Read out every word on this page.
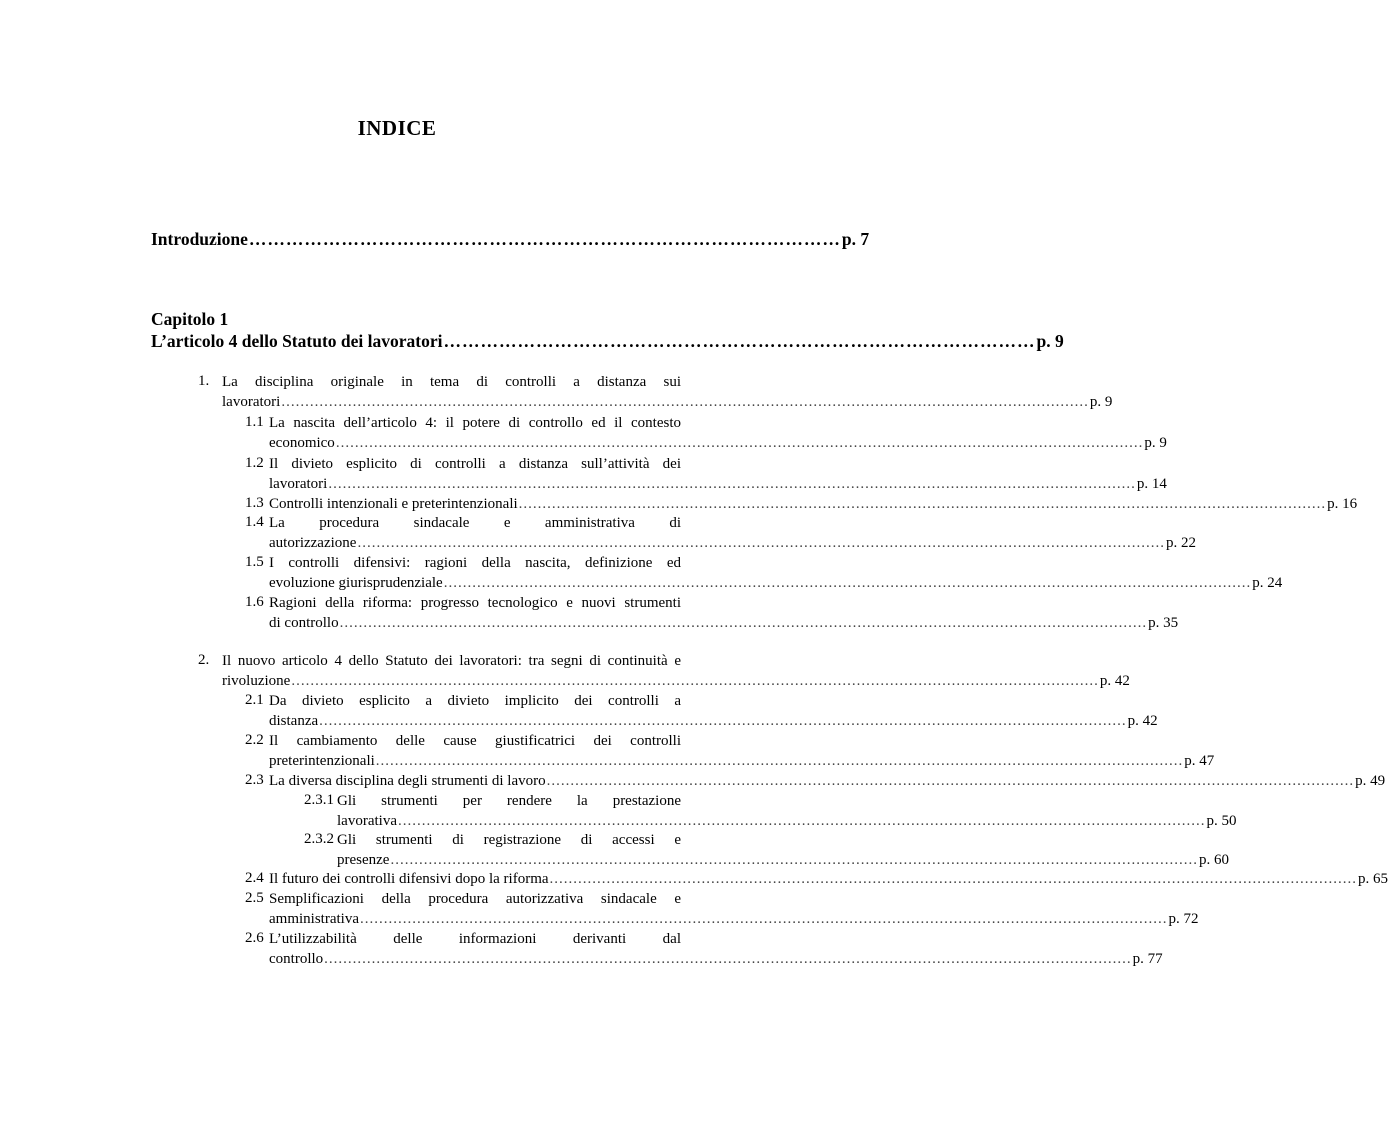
INDICE
Introduzione …………………………………………………………………………………… p. 7
Capitolo 1
L’articolo 4 dello Statuto dei lavoratori …………………………………………………………………………………… p. 9
1. La disciplina originale in tema di controlli a distanza sui
lavoratori .......................................................................................................................................................................... p. 9
1.1 La nascita dell’articolo 4: il potere di controllo ed il contesto
economico .......................................................................................................................................................................... p. 9
1.2 Il divieto esplicito di controlli a distanza sull’attività dei
lavoratori .......................................................................................................................................................................... p. 14
1.3 Controlli intenzionali e preterintenzionali .......................................................................................................................................................................... p. 16
1.4 La procedura sindacale e amministrativa di
autorizzazione .......................................................................................................................................................................... p. 22
1.5 I controlli difensivi: ragioni della nascita, definizione ed
evoluzione giurisprudenziale .......................................................................................................................................................................... p. 24
1.6 Ragioni della riforma: progresso tecnologico e nuovi strumenti
di controllo .......................................................................................................................................................................... p. 35
2. Il nuovo articolo 4 dello Statuto dei lavoratori: tra segni di continuità e
rivoluzione .......................................................................................................................................................................... p. 42
2.1 Da divieto esplicito a divieto implicito dei controlli a
distanza .......................................................................................................................................................................... p. 42
2.2 Il cambiamento delle cause giustificatrici dei controlli
preterintenzionali .......................................................................................................................................................................... p. 47
2.3 La diversa disciplina degli strumenti di lavoro .......................................................................................................................................................................... p. 49
2.3.1 Gli strumenti per rendere la prestazione
lavorativa .......................................................................................................................................................................... p. 50
2.3.2 Gli strumenti di registrazione di accessi e
presenze .......................................................................................................................................................................... p. 60
2.4 Il futuro dei controlli difensivi dopo la riforma .......................................................................................................................................................................... p. 65
2.5 Semplificazioni della procedura autorizzativa sindacale e
amministrativa .......................................................................................................................................................................... p. 72
2.6 L’utilizzabilità delle informazioni derivanti dal
controllo .......................................................................................................................................................................... p. 77
